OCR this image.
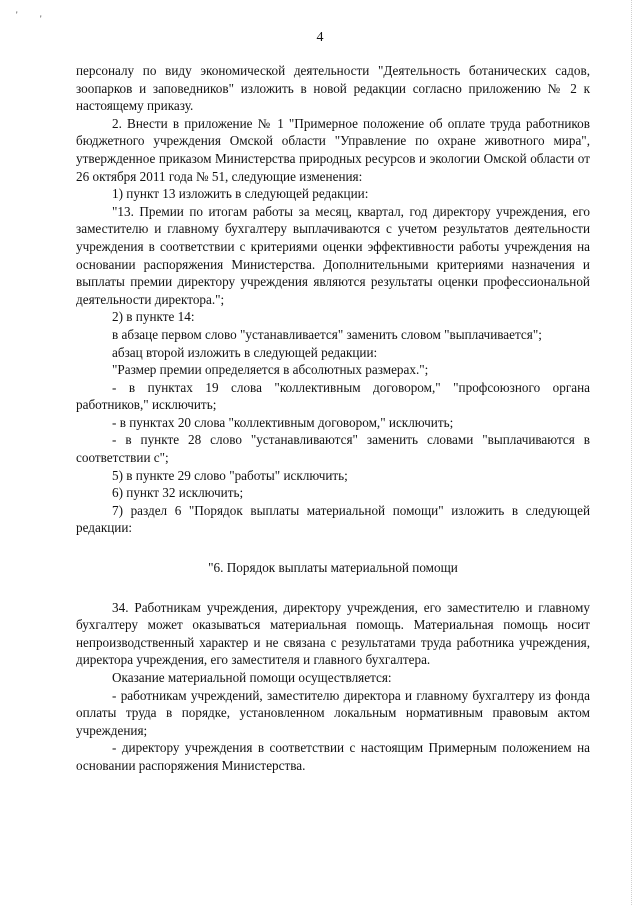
' '
4

персоналу по виду экономической деятельности "Деятельность ботанических садов, зоопарков и заповедников" изложить в новой редакции согласно приложению № 2 к настоящему приказу.

2. Внести в приложение № 1 "Примерное положение об оплате труда работников бюджетного учреждения Омской области "Управление по охране животного мира", утвержденное приказом Министерства природных ресурсов и экологии Омской области от 26 октября 2011 года № 51, следующие изменения:

1) пункт 13 изложить в следующей редакции:

"13. Премии по итогам работы за месяц, квартал, год директору учреждения, его заместителю и главному бухгалтеру выплачиваются с учетом результатов деятельности учреждения в соответствии с критериями оценки эффективности работы учреждения на основании распоряжения Министерства. Дополнительными критериями назначения и выплаты премии директору учреждения являются результаты оценки профессиональной деятельности директора.";

2) в пункте 14:

в абзаце первом слово "устанавливается" заменить словом "выплачивается";

абзац второй изложить в следующей редакции:

"Размер премии определяется в абсолютных размерах.";

- в пунктах 19 слова "коллективным договором," "профсоюзного органа работников," исключить;

- в пунктах 20 слова "коллективным договором," исключить;

- в пункте 28 слово "устанавливаются" заменить словами "выплачиваются в соответствии с";

5) в пункте 29 слово "работы" исключить;

6) пункт 32 исключить;

7) раздел 6 "Порядок выплаты материальной помощи" изложить в следующей редакции:

"6. Порядок выплаты материальной помощи

34. Работникам учреждения, директору учреждения, его заместителю и главному бухгалтеру может оказываться материальная помощь. Материальная помощь носит непроизводственный характер и не связана с результатами труда работника учреждения, директора учреждения, его заместителя и главного бухгалтера.

Оказание материальной помощи осуществляется:

- работникам учреждений, заместителю директора и главному бухгалтеру из фонда оплаты труда в порядке, установленном локальным нормативным правовым актом учреждения;

- директору учреждения в соответствии с настоящим Примерным положением на основании распоряжения Министерства.
